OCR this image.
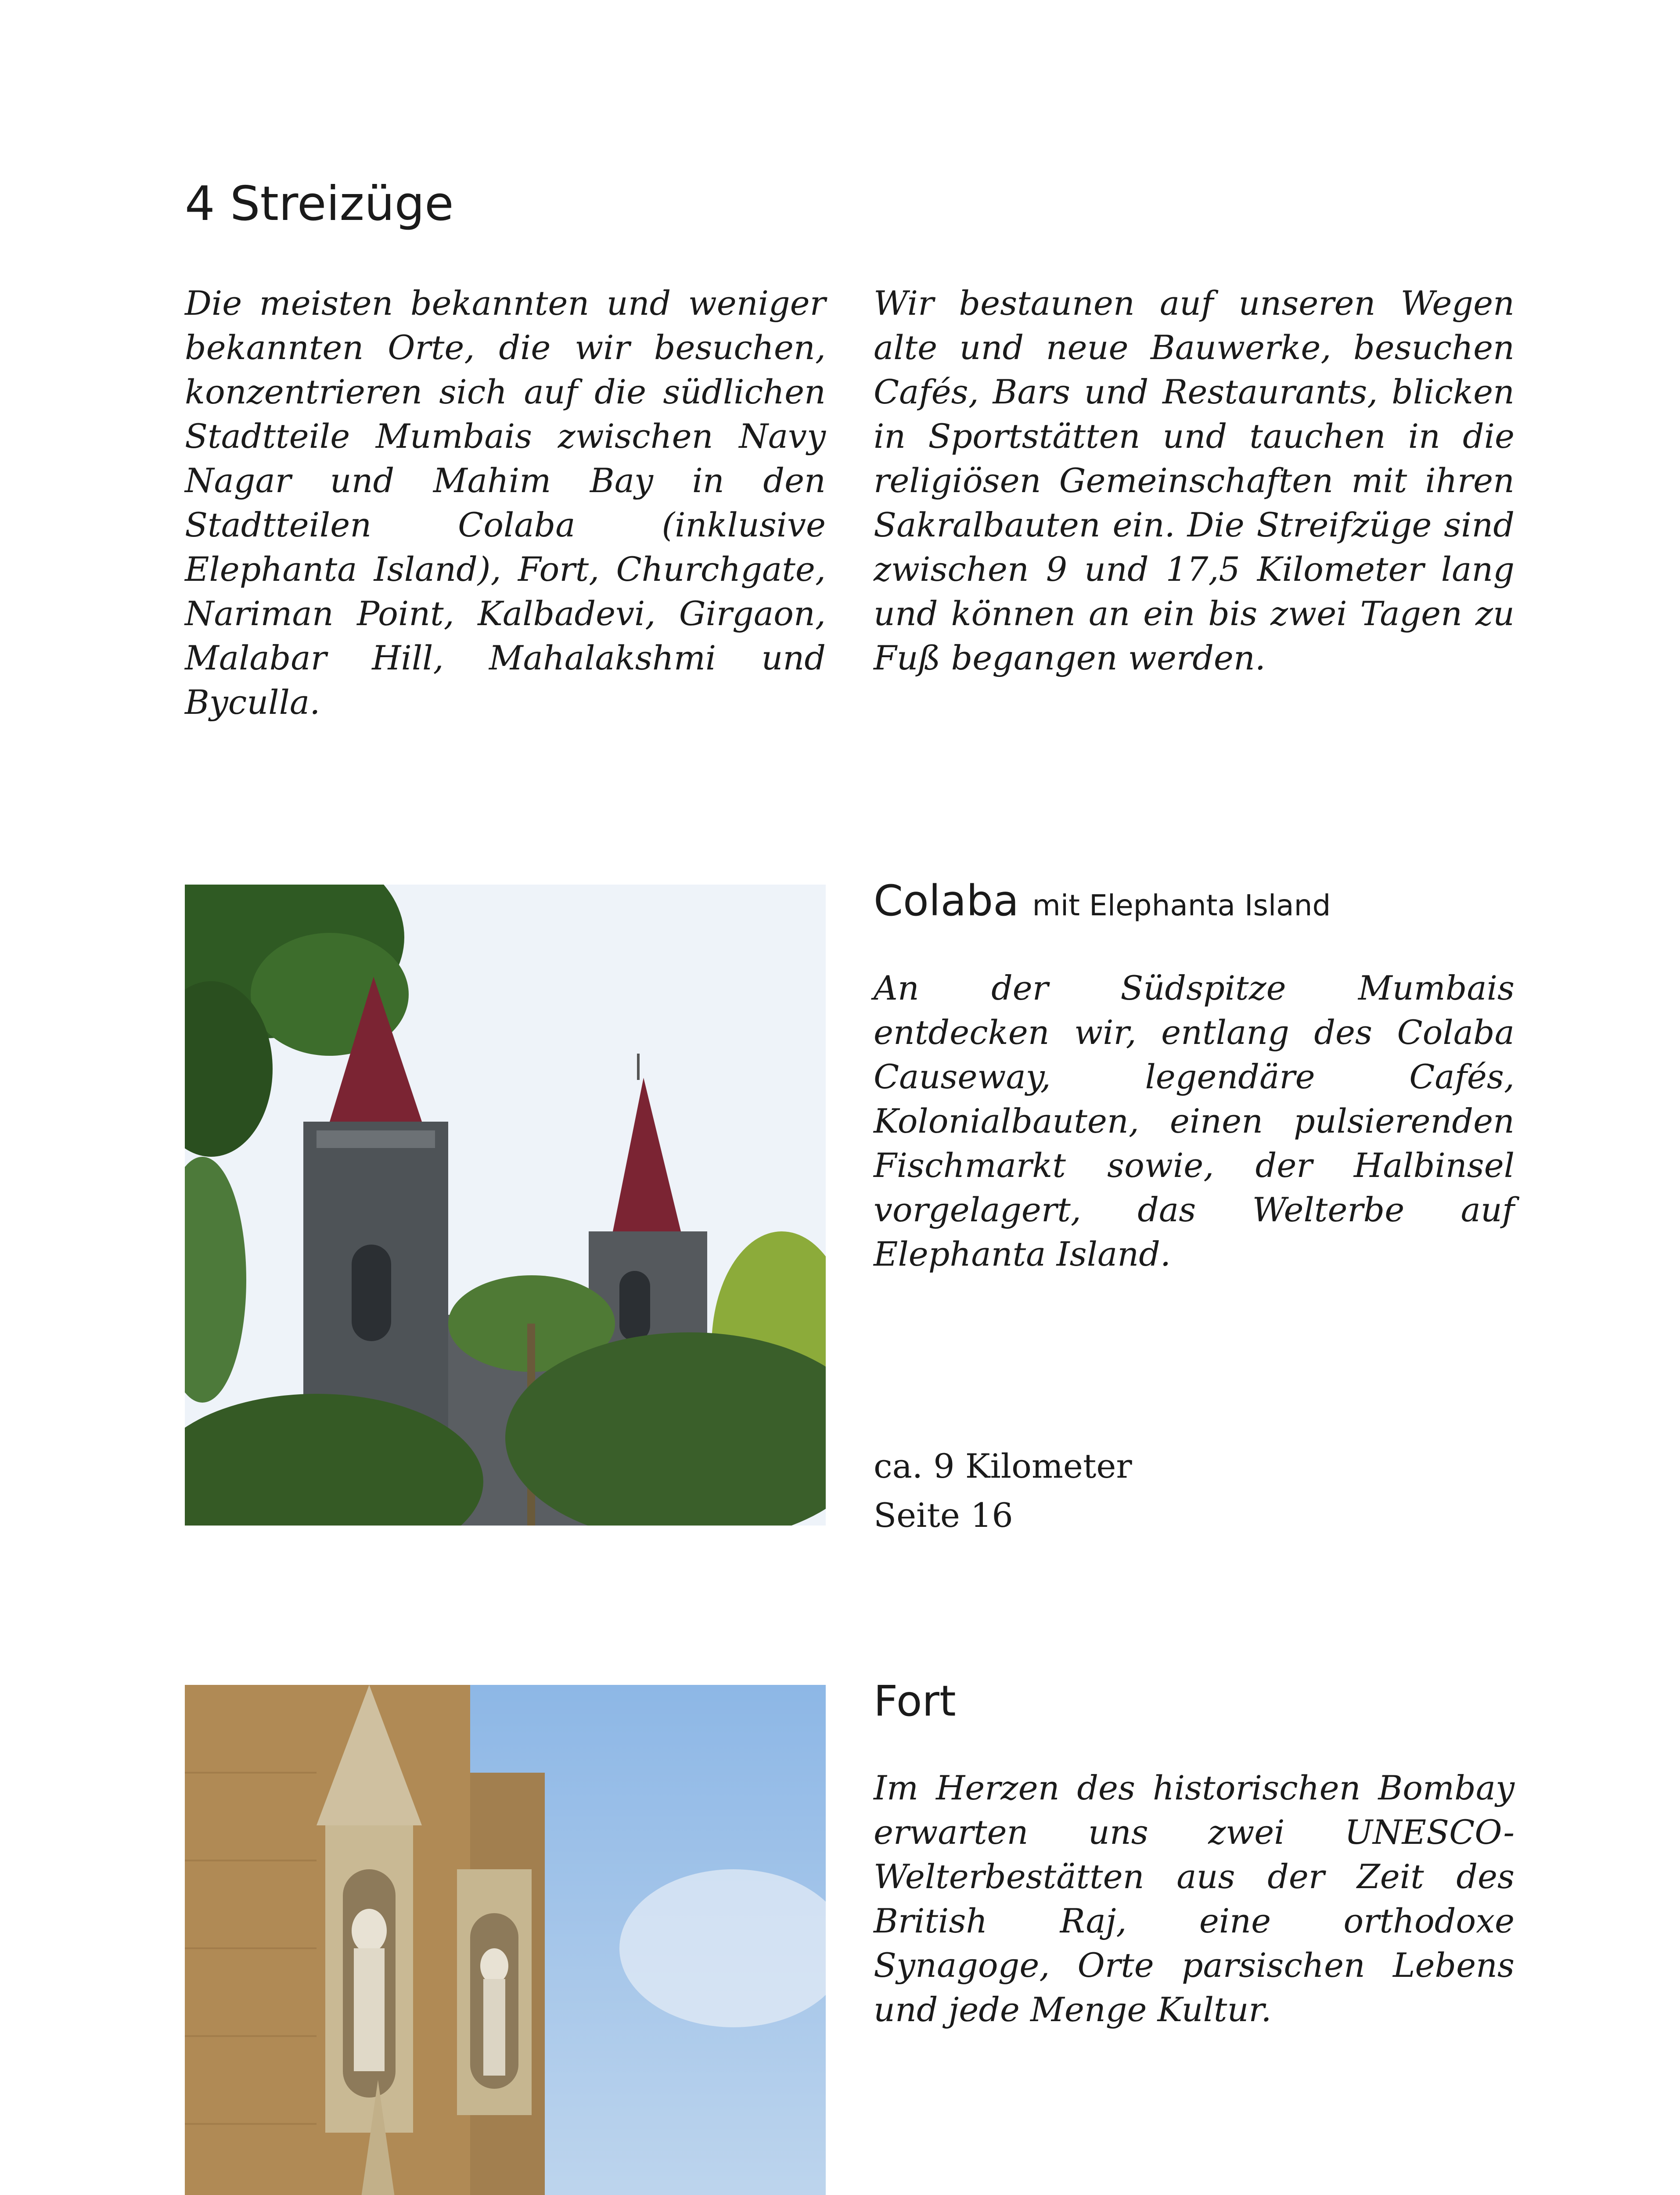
4 Streizüge

Die meisten bekannten und weniger bekannten Orte, die wir besuchen, konzentrieren sich auf die südlichen Stadtteile Mumbais zwischen Navy Nagar und Mahim Bay in den Stadtteilen Colaba (inklusive Elephanta Island), Fort, Churchgate, Nariman Point, Kalbadevi, Girgaon, Malabar Hill, Mahalakshmi und Byculla.

Wir bestaunen auf unseren Wegen alte und neue Bauwerke, besuchen Cafés, Bars und Restaurants, blicken in Sportstätten und tauchen in die religiösen Gemeinschaften mit ihren Sakralbauten ein. Die Streifzüge sind zwischen 9 und 17,5 Kilometer lang und können an ein bis zwei Tagen zu Fuß begangen werden.

Colaba mit Elephanta Island

An der Südspitze Mumbais entdecken wir, entlang des Colaba Causeway, legendäre Cafés, Kolonialbauten, einen pulsierenden Fischmarkt sowie, der Halbinsel vorgelagert, das Welterbe auf Elephanta Island.

ca. 9 Kilometer
Seite 16
Fort

Im Herzen des historischen Bombay erwarten uns zwei UNESCO-Welterbestätten aus der Zeit des British Raj, eine orthodoxe Synagoge, Orte parsischen Lebens und jede Menge Kultur.
